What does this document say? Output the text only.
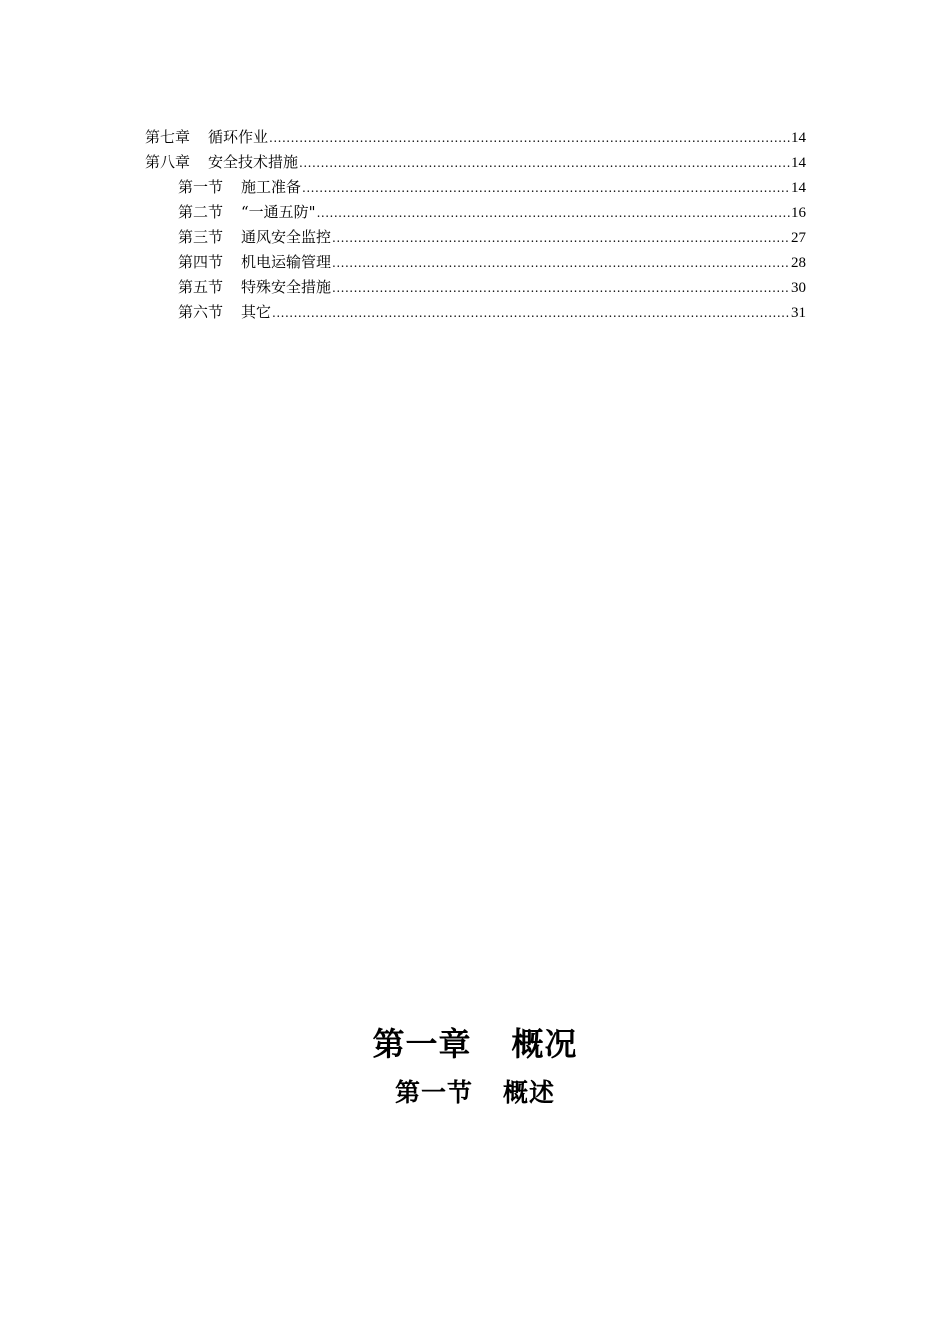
第七章 循环作业 .....	14
第八章 安全技术措施 .....	14
第一节 施工准备 .....	14
第二节 “一通五防" .....	16
第三节 通风安全监控 .....	27
第四节 机电运输管理 .....	28
第五节 特殊安全措施 .....	30
第六节 其它 .....	31
第一章 概况
第一节 概述
